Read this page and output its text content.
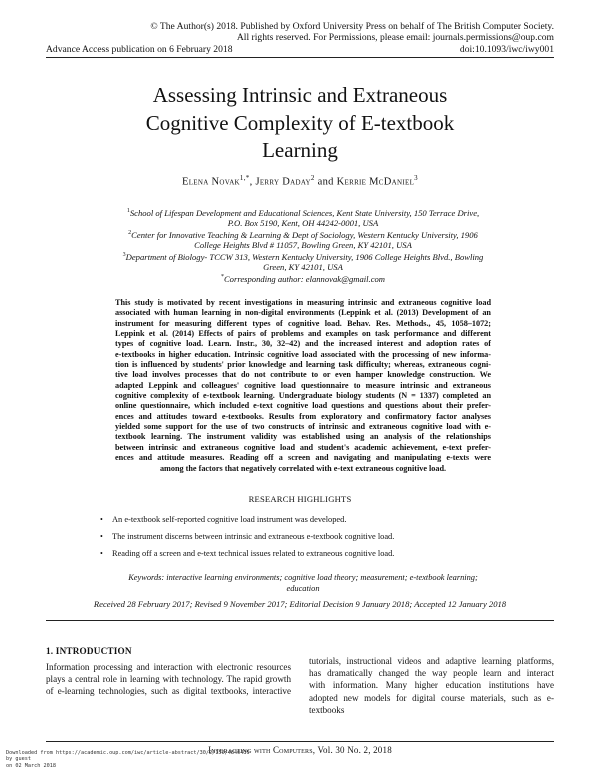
© The Author(s) 2018. Published by Oxford University Press on behalf of The British Computer Society.
All rights reserved. For Permissions, please email: journals.permissions@oup.com
Advance Access publication on 6 February 2018	doi:10.1093/iwc/iwy001
Assessing Intrinsic and Extraneous
Cognitive Complexity of E-textbook
Learning
Elena Novak$^{1,*}$, Jerry Daday$^2$ and Kerrie McDaniel$^3$
$^1$School of Lifespan Development and Educational Sciences, Kent State University, 150 Terrace Drive,
P.O. Box 5190, Kent, OH 44242-0001, USA
$^2$Center for Innovative Teaching & Learning & Dept of Sociology, Western Kentucky University, 1906
College Heights Blvd # 11057, Bowling Green, KY 42101, USA
$^3$Department of Biology- TCCW 313, Western Kentucky University, 1906 College Heights Blvd., Bowling
Green, KY 42101, USA
*Corresponding author: elannovak@gmail.com
This study is motivated by recent investigations in measuring intrinsic and extraneous cognitive load
associated with human learning in non-digital environments (Leppink et al. (2013) Development of an
instrument for measuring different types of cognitive load. Behav. Res. Methods., 45, 1058–1072;
Leppink et al. (2014) Effects of pairs of problems and examples on task performance and different
types of cognitive load. Learn. Instr., 30, 32–42) and the increased interest and adoption rates of
e-textbooks in higher education. Intrinsic cognitive load associated with the processing of new informa-
tion is influenced by students' prior knowledge and learning task difficulty; whereas, extraneous cogni-
tive load involves processes that do not contribute to or even hamper knowledge construction. We
adapted Leppink and colleagues' cognitive load questionnaire to measure intrinsic and extraneous
cognitive complexity of e-textbook learning. Undergraduate biology students (N = 1337) completed an
online questionnaire, which included e-text cognitive load questions and questions about their prefer-
ences and attitudes toward e-textbooks. Results from exploratory and confirmatory factor analyses
yielded some support for the use of two constructs of intrinsic and extraneous cognitive load with e-
textbook learning. The instrument validity was established using an analysis of the relationships
between intrinsic and extraneous cognitive load and student's academic achievement, e-text prefer-
ences and attitude measures. Reading off a screen and navigating and manipulating e-texts were
among the factors that negatively correlated with e-text extraneous cognitive load.
RESEARCH HIGHLIGHTS
• An e-textbook self-reported cognitive load instrument was developed.
• The instrument discerns between intrinsic and extraneous e-textbook cognitive load.
• Reading off a screen and e-text technical issues related to extraneous cognitive load.
Keywords: interactive learning environments; cognitive load theory; measurement; e-textbook learning;
education
Received 28 February 2017; Revised 9 November 2017; Editorial Decision 9 January 2018; Accepted 12 January 2018
1. INTRODUCTION
Information processing and interaction with electronic resources
plays a central role in learning with technology. The rapid growth
of e-learning technologies, such as digital textbooks, interactive
tutorials, instructional videos and adaptive learning platforms,
has dramatically changed the way people learn and interact
with information. Many higher education institutions have
adopted new models for digital course materials, such as e-textbooks
Interacting with Computers, Vol. 30 No. 2, 2018
Downloaded from https://academic.oup.com/iwc/article-abstract/30/2/150/4840439
by guest
on 02 March 2018
